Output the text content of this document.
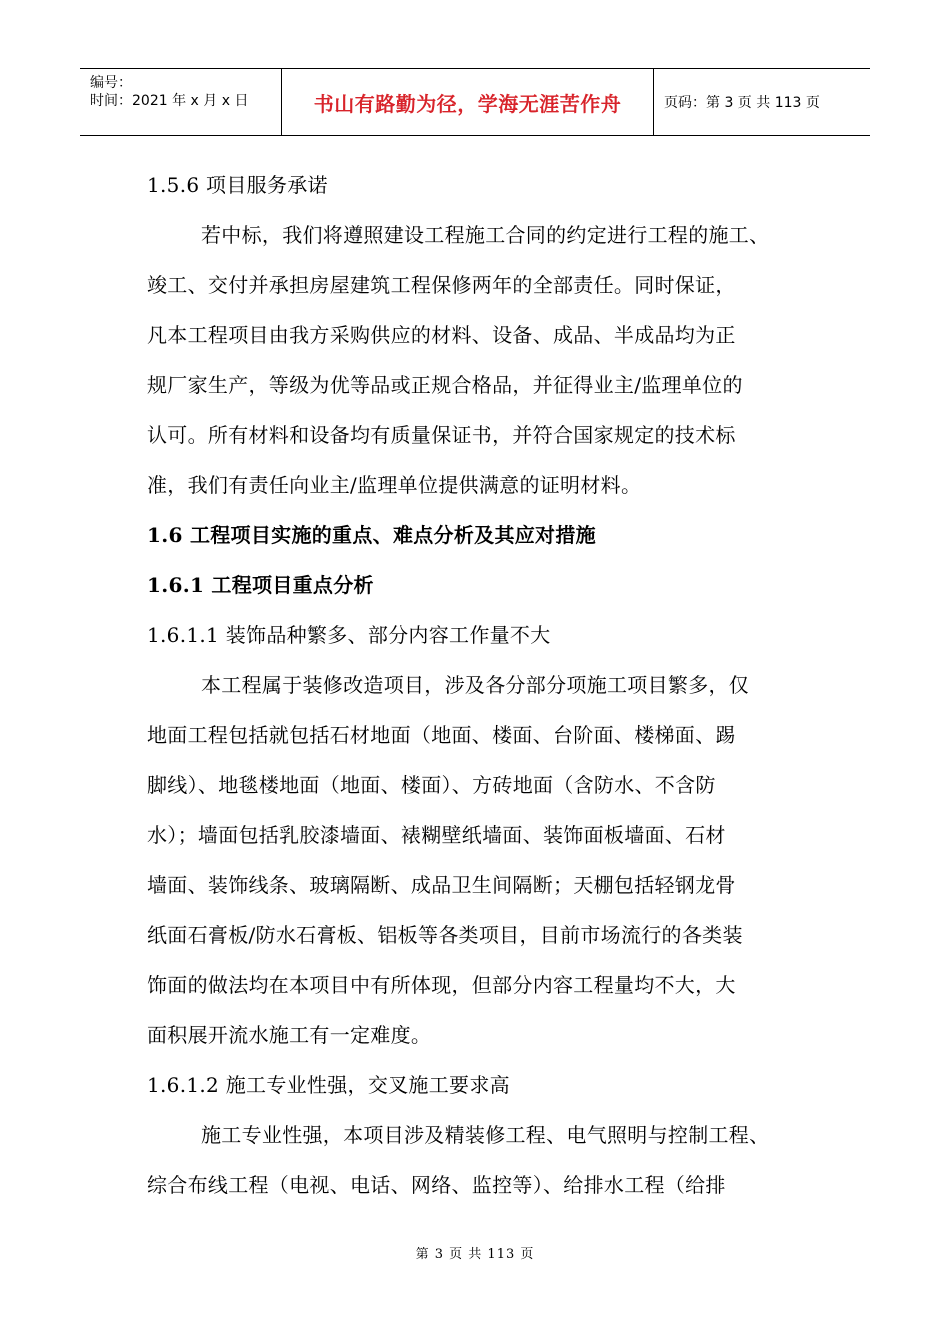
编号：
时间：2021 年 x 月 x 日	书山有路勤为径，学海无涯苦作舟	页码：第 3 页 共 113 页
1.5.6 项目服务承诺
若中标，我们将遵照建设工程施工合同的约定进行工程的施工、
竣工、交付并承担房屋建筑工程保修两年的全部责任。同时保证，
凡本工程项目由我方采购供应的材料、设备、成品、半成品均为正
规厂家生产，等级为优等品或正规合格品，并征得业主/监理单位的
认可。所有材料和设备均有质量保证书，并符合国家规定的技术标
准，我们有责任向业主/监理单位提供满意的证明材料。
1.6 工程项目实施的重点、难点分析及其应对措施
1.6.1 工程项目重点分析
1.6.1.1 装饰品种繁多、部分内容工作量不大
本工程属于装修改造项目，涉及各分部分项施工项目繁多，仅
地面工程包括就包括石材地面（地面、楼面、台阶面、楼梯面、踢
脚线）、地毯楼地面（地面、楼面）、方砖地面（含防水、不含防
水）；墙面包括乳胶漆墙面、裱糊壁纸墙面、装饰面板墙面、石材
墙面、装饰线条、玻璃隔断、成品卫生间隔断；天棚包括轻钢龙骨
纸面石膏板/防水石膏板、铝板等各类项目，目前市场流行的各类装
饰面的做法均在本项目中有所体现，但部分内容工程量均不大，大
面积展开流水施工有一定难度。
1.6.1.2 施工专业性强，交叉施工要求高
施工专业性强，本项目涉及精装修工程、电气照明与控制工程、
综合布线工程（电视、电话、网络、监控等）、给排水工程（给排
第 3 页 共 113 页
